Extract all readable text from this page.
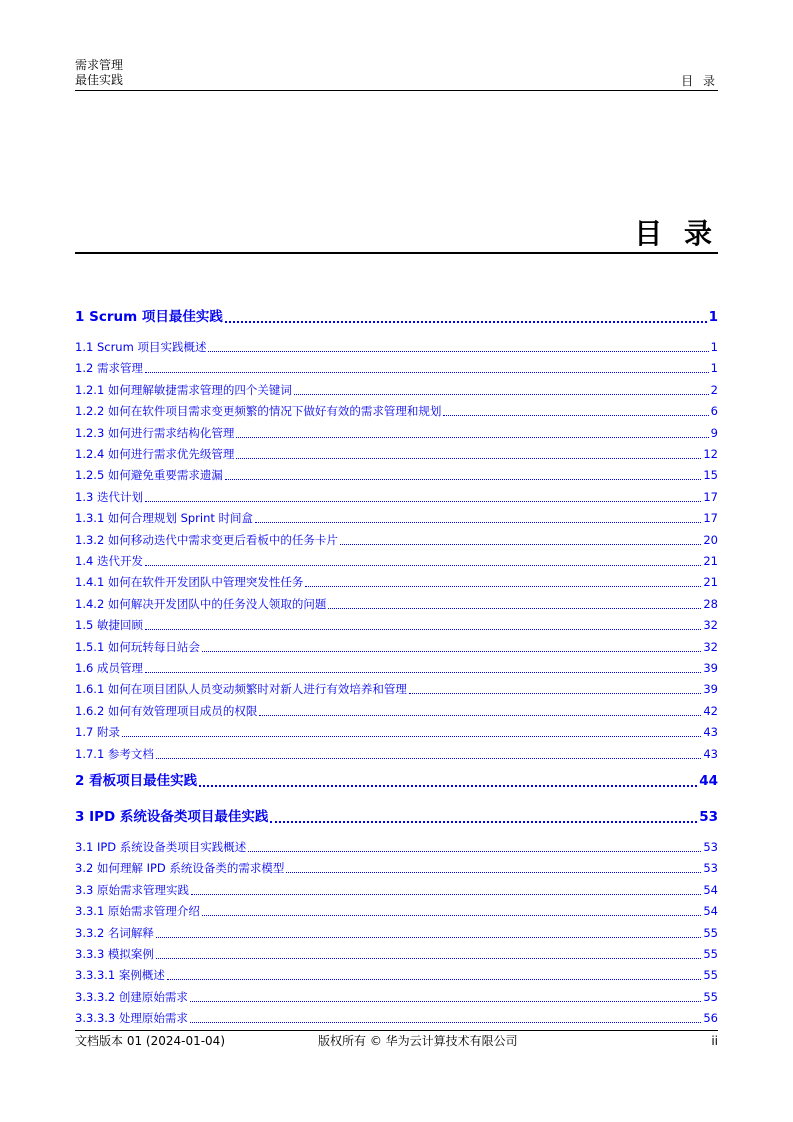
需求管理
最佳实践	目 录
目 录
1 Scrum 项目最佳实践	1
1.1 Scrum 项目实践概述	1
1.2 需求管理	1
1.2.1 如何理解敏捷需求管理的四个关键词	2
1.2.2 如何在软件项目需求变更频繁的情况下做好有效的需求管理和规划	6
1.2.3 如何进行需求结构化管理	9
1.2.4 如何进行需求优先级管理	12
1.2.5 如何避免重要需求遗漏	15
1.3 迭代计划	17
1.3.1 如何合理规划 Sprint 时间盒	17
1.3.2 如何移动迭代中需求变更后看板中的任务卡片	20
1.4 迭代开发	21
1.4.1 如何在软件开发团队中管理突发性任务	21
1.4.2 如何解决开发团队中的任务没人领取的问题	28
1.5 敏捷回顾	32
1.5.1 如何玩转每日站会	32
1.6 成员管理	39
1.6.1 如何在项目团队人员变动频繁时对新人进行有效培养和管理	39
1.6.2 如何有效管理项目成员的权限	42
1.7 附录	43
1.7.1 参考文档	43
2 看板项目最佳实践	44
3 IPD 系统设备类项目最佳实践	53
3.1 IPD 系统设备类项目实践概述	53
3.2 如何理解 IPD 系统设备类的需求模型	53
3.3 原始需求管理实践	54
3.3.1 原始需求管理介绍	54
3.3.2 名词解释	55
3.3.3 模拟案例	55
3.3.3.1 案例概述	55
3.3.3.2 创建原始需求	55
3.3.3.3 处理原始需求	56
文档版本 01 (2024-01-04)	版权所有 © 华为云计算技术有限公司	ii
